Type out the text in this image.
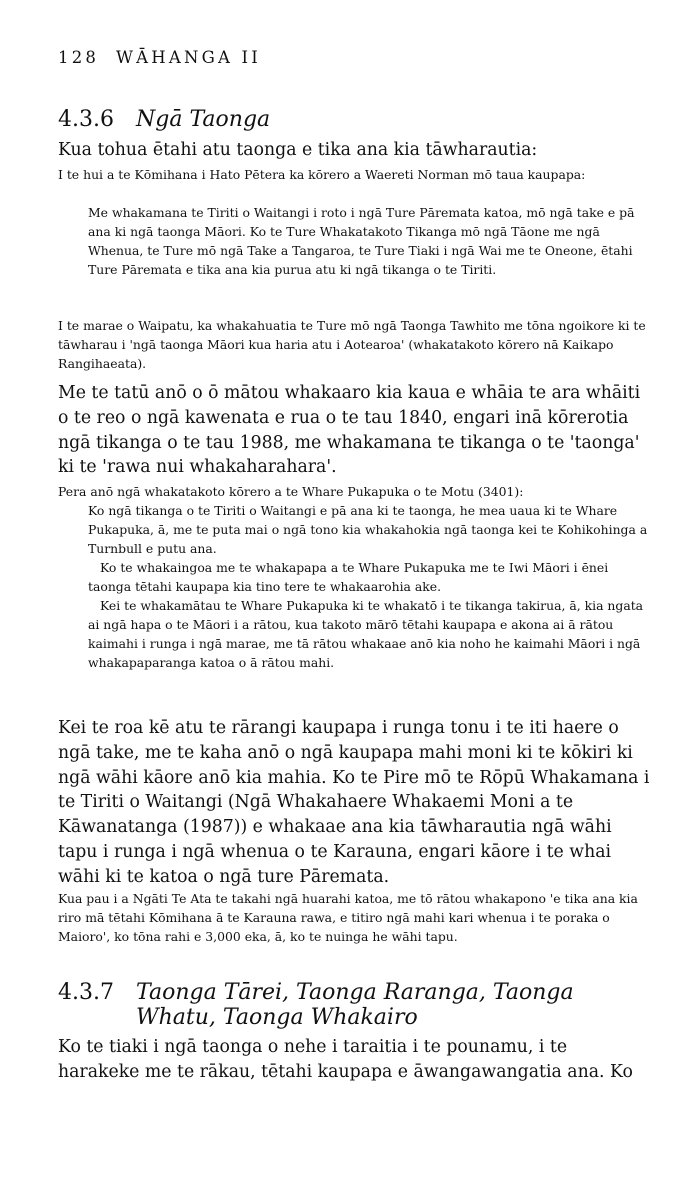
128 WĀHANGA II
4.3.6 Ngā Taonga

Kua tohua ētahi atu taonga e tika ana kia tāwharautia:

I te hui a te Kōmihana i Hato Pētera ka kōrero a Waereti Norman mō taua kaupapa:

Me whakamana te Tiriti o Waitangi i roto i ngā Ture Pāremata katoa, mō ngā take e pā ana ki ngā taonga Māori. Ko te Ture Whakatakoto Tikanga mō ngā Tāone me ngā Whenua, te Ture mō ngā Take a Tangaroa, te Ture Tiaki i ngā Wai me te Oneone, ētahi Ture Pāremata e tika ana kia purua atu ki ngā tikanga o te Tiriti.

I te marae o Waipatu, ka whakahuatia te Ture mō ngā Taonga Tawhito me tōna ngoikore ki te tāwharau i 'ngā taonga Māori kua haria atu i Aotearoa' (whakatakoto kōrero nā Kaikapo Rangihaeata).

Me te tatū anō o ō mātou whakaaro kia kaua e whāia te ara whāiti o te reo o ngā kawenata e rua o te tau 1840, engari inā kōrerotia ngā tikanga o te tau 1988, me whakamana te tikanga o te 'taonga' ki te 'rawa nui whakaharahara'.

Pera anō ngā whakatakoto kōrero a te Whare Pukapuka o te Motu (3401):

Ko ngā tikanga o te Tiriti o Waitangi e pā ana ki te taonga, he mea uaua ki te Whare Pukapuka, ā, me te puta mai o ngā tono kia whakahokia ngā taonga kei te Kohikohinga a Turnbull e putu ana.

Ko te whakaingoa me te whakapapa a te Whare Pukapuka me te Iwi Māori i ēnei taonga tētahi kaupapa kia tino tere te whakaarohia ake.

Kei te whakamātau te Whare Pukapuka ki te whakatō i te tikanga takirua, ā, kia ngata ai ngā hapa o te Māori i a rātou, kua takoto mārō tētahi kaupapa e akona ai ā rātou kaimahi i runga i ngā marae, me tā rātou whakaae anō kia noho he kaimahi Māori i ngā whakapaparanga katoa o ā rātou mahi.

Kei te roa kē atu te rārangi kaupapa i runga tonu i te iti haere o ngā take, me te kaha anō o ngā kaupapa mahi moni ki te kōkiri ki ngā wāhi kāore anō kia mahia. Ko te Pire mō te Rōpū Whakamana i te Tiriti o Waitangi (Ngā Whakahaere Whakaemi Moni a te Kāwanatanga (1987)) e whakaae ana kia tāwharautia ngā wāhi tapu i runga i ngā whenua o te Karauna, engari kāore i te whai wāhi ki te katoa o ngā ture Pāremata.

Kua pau i a Ngāti Te Ata te takahi ngā huarahi katoa, me tō rātou whakapono 'e tika ana kia riro mā tētahi Kōmihana ā te Karauna rawa, e titiro ngā mahi kari whenua i te poraka o Maioro', ko tōna rahi e 3,000 eka, ā, ko te nuinga he wāhi tapu.

4.3.7 Taonga Tārei, Taonga Raranga, Taonga Whatu, Taonga Whakairo

Ko te tiaki i ngā taonga o nehe i taraitia i te pounamu, i te harakeke me te rākau, tētahi kaupapa e āwangawangatia ana. Ko
